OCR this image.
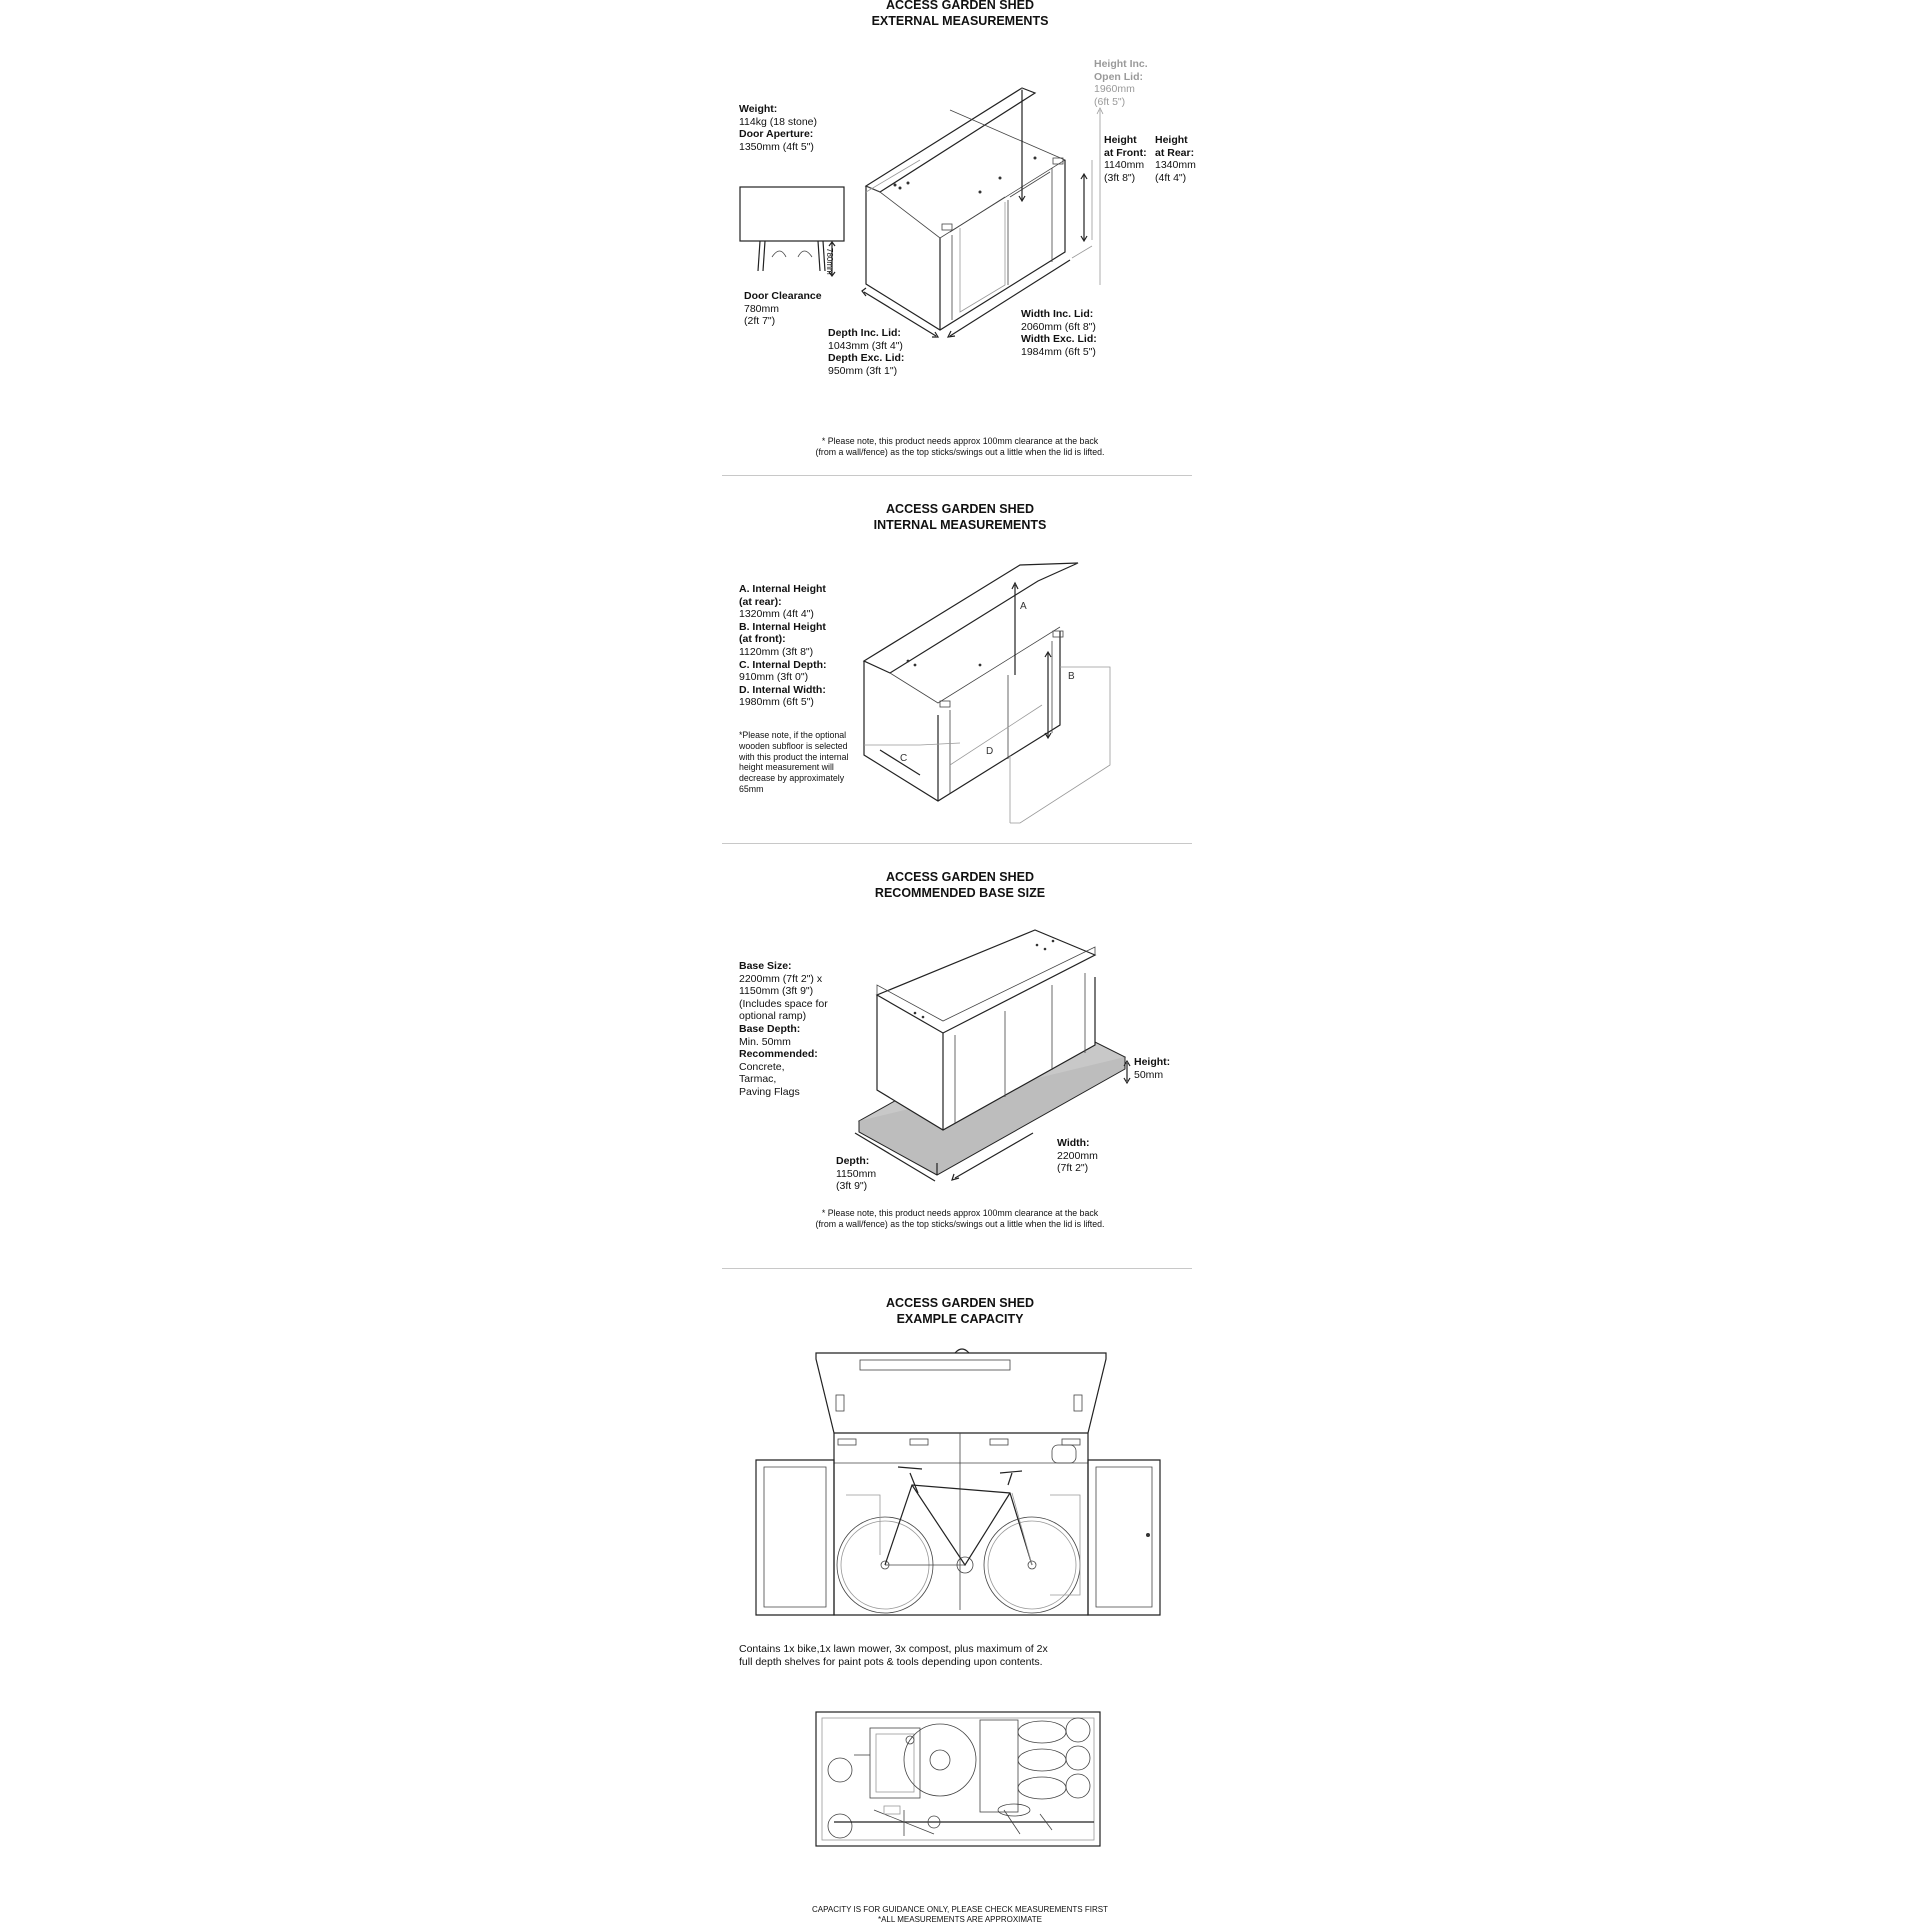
ACCESS GARDEN SHED
EXTERNAL MEASUREMENTS
Weight:
114kg (18 stone)
Door Aperture:
1350mm (4ft 5")
780mm
Door Clearance
780mm
(2ft 7")
Height Inc.
Open Lid:
1960mm
(6ft 5")
Height
at Front:
1140mm
(3ft 8")
Height
at Rear:
1340mm
(4ft 4")
Width Inc. Lid:
2060mm (6ft 8")
Width Exc. Lid:
1984mm (6ft 5")
Depth Inc. Lid:
1043mm (3ft 4")
Depth Exc. Lid:
950mm (3ft 1")
* Please note, this product needs approx 100mm clearance at the back
(from a wall/fence) as the top sticks/swings out a little when the lid is lifted.
ACCESS GARDEN SHED
INTERNAL MEASUREMENTS
A. Internal Height
(at rear):
1320mm (4ft 4")
B. Internal Height
(at front):
1120mm (3ft 8")
C. Internal Depth:
910mm (3ft 0")
D. Internal Width:
1980mm (6ft 5")
*Please note, if the optional
wooden subfloor is selected
with this product the internal
height measurement will
decrease by approximately
65mm
A
B
C
D
ACCESS GARDEN SHED
RECOMMENDED BASE SIZE
Base Size:
2200mm (7ft 2") x
1150mm (3ft 9")
(Includes space for
optional ramp)
Base Depth:
Min. 50mm
Recommended:
Concrete,
Tarmac,
Paving Flags
Height:
50mm
Width:
2200mm
(7ft 2")
Depth:
1150mm
(3ft 9")
* Please note, this product needs approx 100mm clearance at the back
(from a wall/fence) as the top sticks/swings out a little when the lid is lifted.
ACCESS GARDEN SHED
EXAMPLE CAPACITY
Contains 1x bike,1x lawn mower, 3x compost, plus maximum of 2x
full depth shelves for paint pots & tools depending upon contents.
CAPACITY IS FOR GUIDANCE ONLY, PLEASE CHECK MEASUREMENTS FIRST
*ALL MEASUREMENTS ARE APPROXIMATE
